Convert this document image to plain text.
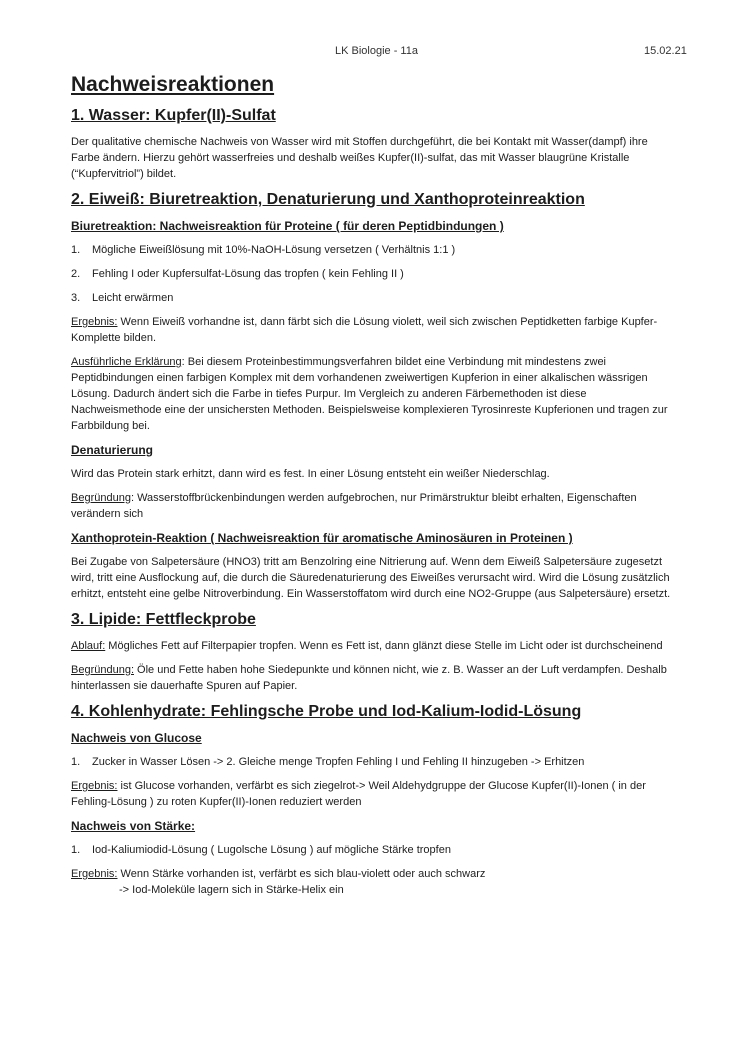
LK Biologie - 11a	15.02.21
Nachweisreaktionen
1. Wasser: Kupfer(II)-Sulfat

Der qualitative chemische Nachweis von Wasser wird mit Stoffen durchgeführt, die bei Kontakt mit Wasser(dampf) ihre Farbe ändern. Hierzu gehört wasserfreies und deshalb weißes Kupfer(II)-sulfat, das mit Wasser blaugrüne Kristalle (“Kupfervitriol”) bildet.

2. Eiweiß: Biuretreaktion, Denaturierung und Xanthoproteinreaktion
Biuretreaktion: Nachweisreaktion für Proteine ( für deren Peptidbindungen )
1.	Mögliche Eiweißlösung mit 10%-NaOH-Lösung versetzen ( Verhältnis 1:1 )
2.	Fehling I oder Kupfersulfat-Lösung das tropfen ( kein Fehling II )
3.	Leicht erwärmen

Ergebnis: Wenn Eiweiß vorhandne ist, dann färbt sich die Lösung violett, weil sich zwischen Peptidketten farbige Kupfer- Komplette bilden.

Ausführliche Erklärung: Bei diesem Proteinbestimmungsverfahren bildet eine Verbindung mit mindestens zwei Peptidbindungen einen farbigen Komplex mit dem vorhandenen zweiwertigen Kupferion in einer alkalischen wässrigen Lösung. Dadurch ändert sich die Farbe in tiefes Purpur. Im Vergleich zu anderen Färbemethoden ist diese Nachweismethode eine der unsichersten Methoden. Beispielsweise komplexieren Tyrosinreste Kupferionen und tragen zur Farbbildung bei.

Denaturierung

Wird das Protein stark erhitzt, dann wird es fest. In einer Lösung entsteht ein weißer Niederschlag.

Begründung: Wasserstoffbrückenbindungen werden aufgebrochen, nur Primärstruktur bleibt erhalten, Eigenschaften verändern sich

Xanthoprotein-Reaktion ( Nachweisreaktion für aromatische Aminosäuren in Proteinen )

Bei Zugabe von Salpetersäure (HNO3) tritt am Benzolring eine Nitrierung auf. Wenn dem Eiweiß Salpetersäure zugesetzt wird, tritt eine Ausflockung auf, die durch die Säuredenaturierung des Eiweißes verursacht wird. Wird die Lösung zusätzlich erhitzt, entsteht eine gelbe Nitroverbindung. Ein Wasserstoffatom wird durch eine NO2-Gruppe (aus Salpetersäure) ersetzt.

3. Lipide: Fettfleckprobe

Ablauf: Mögliches Fett auf Filterpapier tropfen. Wenn es Fett ist, dann glänzt diese Stelle im Licht oder ist durchscheinend

Begründung: Öle und Fette haben hohe Siedepunkte und können nicht, wie z. B. Wasser an der Luft verdampfen. Deshalb hinterlassen sie dauerhafte Spuren auf Papier.

4. Kohlenhydrate: Fehlingsche Probe und Iod-Kalium-Iodid-Lösung
Nachweis von Glucose
1.	Zucker in Wasser Lösen -> 2. Gleiche menge Tropfen Fehling I und Fehling II hinzugeben -> Erhitzen

Ergebnis: ist Glucose vorhanden, verfärbt es sich ziegelrot-> Weil Aldehydgruppe der Glucose Kupfer(II)-Ionen ( in der Fehling-Lösung ) zu roten Kupfer(II)-Ionen reduziert werden

Nachweis von Stärke:
1.	Iod-Kaliumiodid-Lösung ( Lugolsche Lösung ) auf mögliche Stärke tropfen

Ergebnis: Wenn Stärke vorhanden ist, verfärbt es sich blau-violett oder auch schwarz
-> Iod-Moleküle lagern sich in Stärke-Helix ein
